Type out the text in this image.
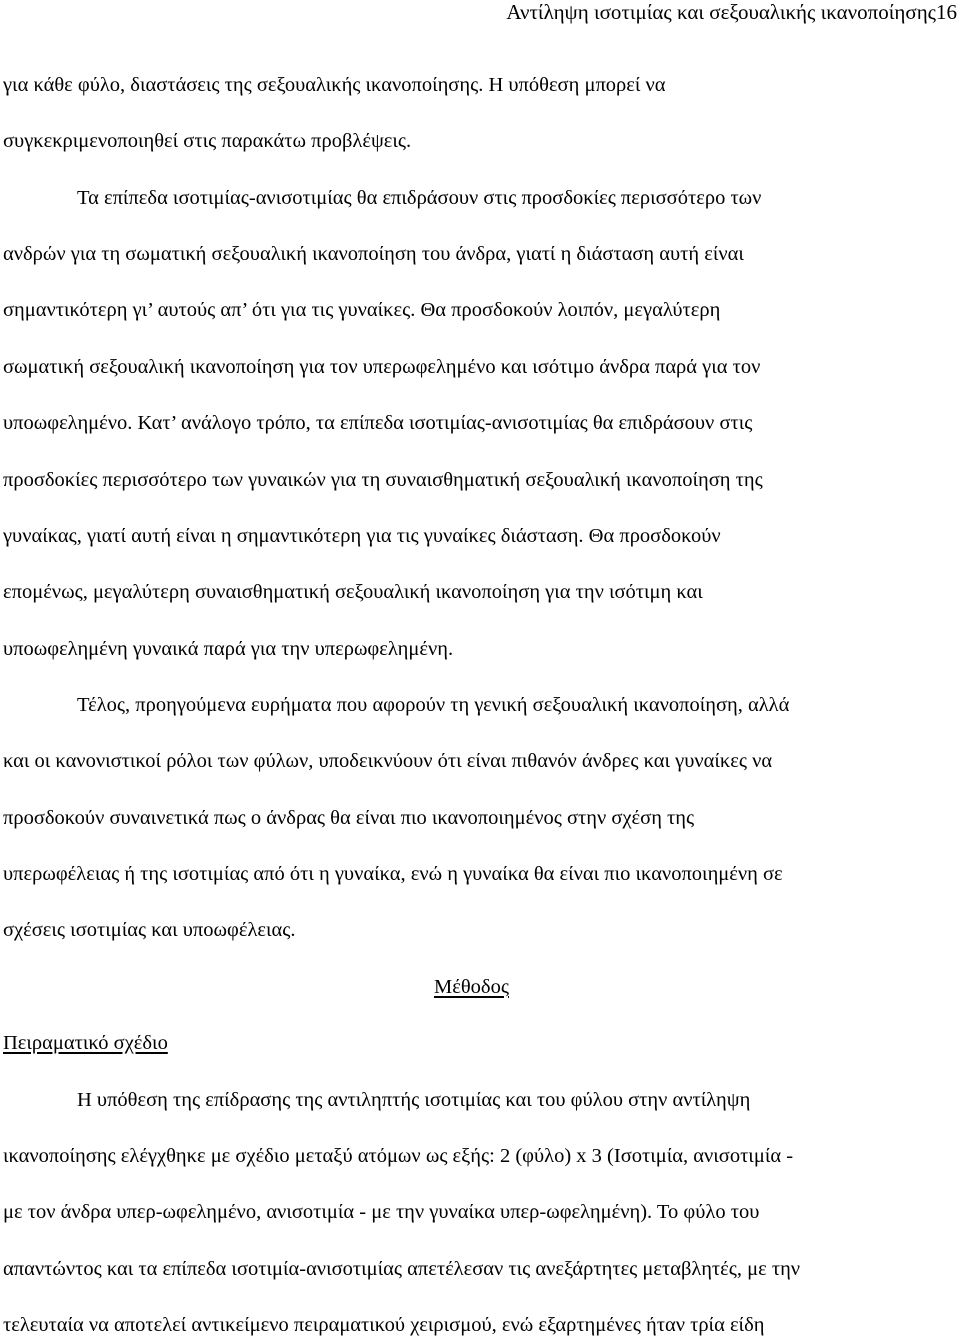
Αντίληψη ισοτιμίας και σεξουαλικής ικανοποίησης16
για κάθε φύλο, διαστάσεις της σεξουαλικής ικανοποίησης. Η υπόθεση μπορεί να
συγκεκριμενοποιηθεί στις παρακάτω προβλέψεις.
Τα επίπεδα ισοτιμίας-ανισοτιμίας θα επιδράσουν στις προσδοκίες περισσότερο των
ανδρών για τη σωματική σεξουαλική ικανοποίηση του άνδρα, γιατί η διάσταση αυτή είναι
σημαντικότερη γι’ αυτούς απ’ ότι για τις γυναίκες. Θα προσδοκούν λοιπόν, μεγαλύτερη
σωματική σεξουαλική ικανοποίηση για τον υπερωφελημένο και ισότιμο άνδρα παρά για τον
υποωφελημένο. Κατ’ ανάλογο τρόπο, τα επίπεδα ισοτιμίας-ανισοτιμίας θα επιδράσουν στις
προσδοκίες περισσότερο των γυναικών για τη συναισθηματική σεξουαλική ικανοποίηση της
γυναίκας, γιατί αυτή είναι η σημαντικότερη για τις γυναίκες διάσταση. Θα προσδοκούν
επομένως, μεγαλύτερη συναισθηματική σεξουαλική ικανοποίηση για την ισότιμη και
υποωφελημένη γυναικά παρά για την υπερωφελημένη.
Τέλος, προηγούμενα ευρήματα που αφορούν τη γενική σεξουαλική ικανοποίηση, αλλά
και οι κανονιστικοί ρόλοι των φύλων, υποδεικνύουν ότι είναι πιθανόν άνδρες και γυναίκες να
προσδοκούν συναινετικά πως ο άνδρας θα είναι πιο ικανοποιημένος στην σχέση της
υπερωφέλειας ή της ισοτιμίας από ότι η γυναίκα, ενώ η γυναίκα θα είναι πιο ικανοποιημένη σε
σχέσεις ισοτιμίας και υποωφέλειας.
Μέθοδος
Πειραματικό σχέδιο
Η υπόθεση της επίδρασης της αντιληπτής ισοτιμίας και του φύλου στην αντίληψη
ικανοποίησης ελέγχθηκε με σχέδιο μεταξύ ατόμων ως εξής: 2 (φύλο) x 3 (Ισοτιμία, ανισοτιμία -
με τον άνδρα υπερ-ωφελημένο, ανισοτιμία - με την γυναίκα υπερ-ωφελημένη). Το φύλο του
απαντώντος και τα επίπεδα ισοτιμία-ανισοτιμίας απετέλεσαν τις ανεξάρτητες μεταβλητές, με την
τελευταία να αποτελεί αντικείμενο πειραματικού χειρισμού, ενώ εξαρτημένες ήταν τρία είδη
